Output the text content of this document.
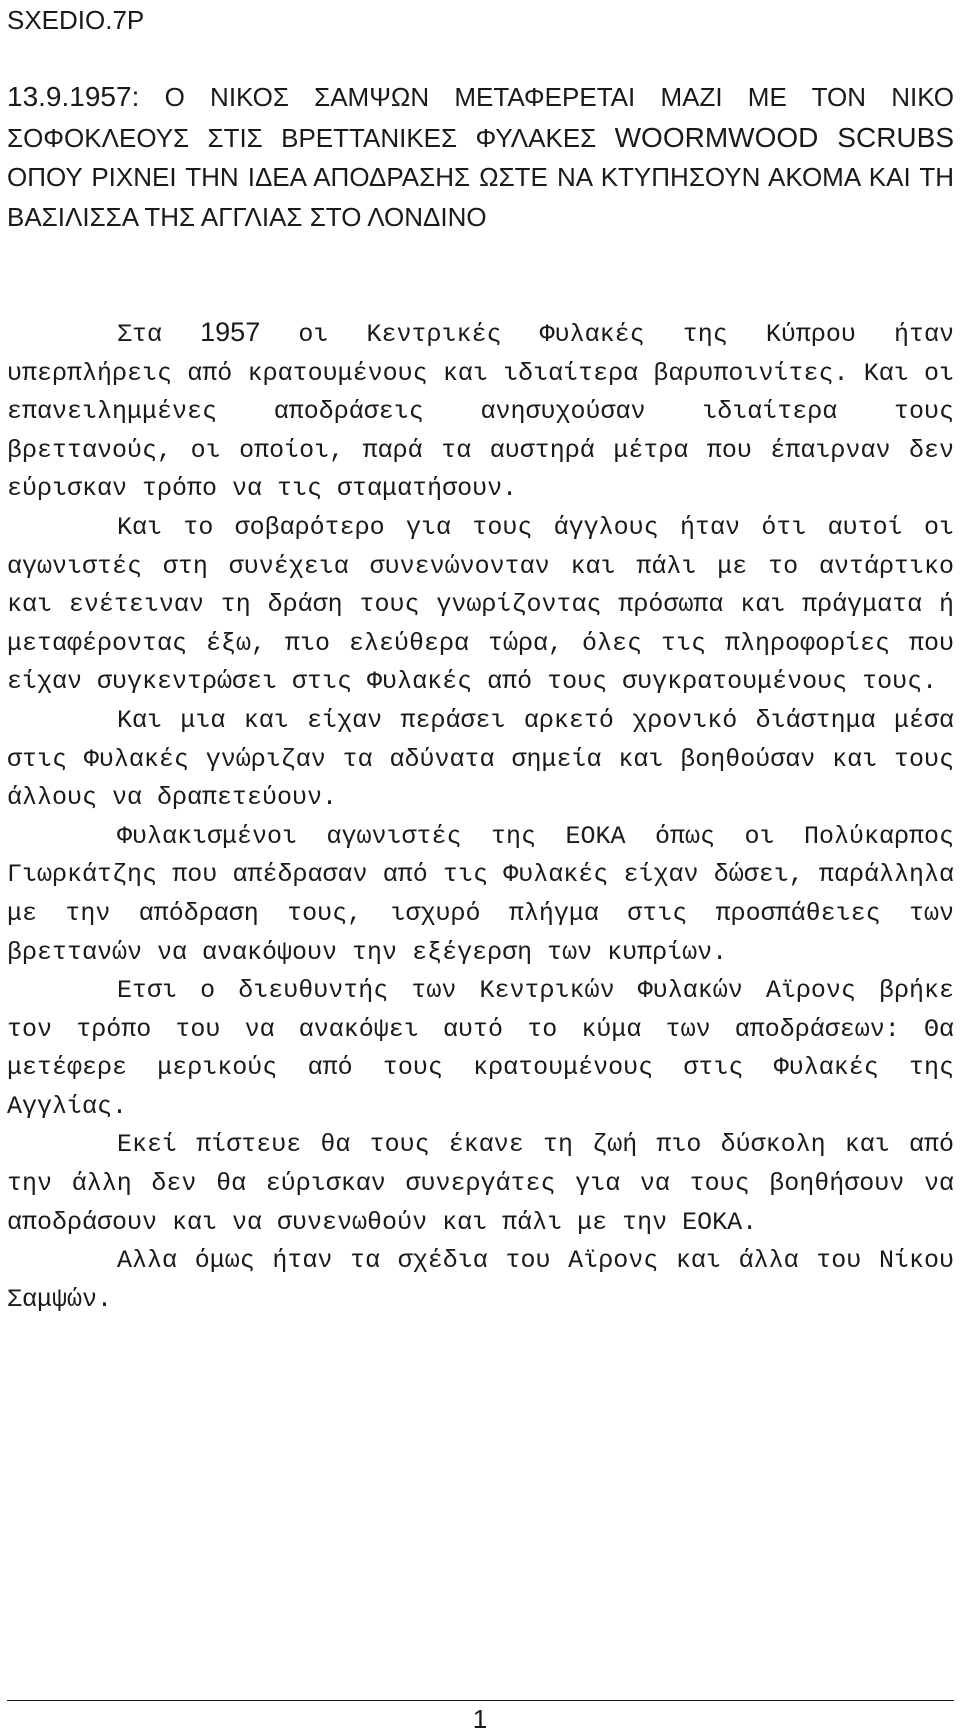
SXEDIO.7P

13.9.1957: Ο ΝΙΚΟΣ ΣΑΜΨΩΝ ΜΕΤΑΦΕΡΕΤΑΙ ΜΑΖΙ ΜΕ ΤΟΝ ΝΙΚΟ ΣΟΦΟΚΛΕΟΥΣ ΣΤΙΣ ΒΡΕΤΤΑΝΙΚΕΣ ΦΥΛΑΚΕΣ WOORMWOOD SCRUBS ΟΠΟΥ ΡΙΧΝΕΙ ΤΗΝ ΙΔΕΑ ΑΠΟΔΡΑΣΗΣ ΩΣΤΕ ΝΑ ΚΤΥΠΗΣΟΥΝ ΑΚΟΜΑ ΚΑΙ ΤΗ ΒΑΣΙΛΙΣΣΑ ΤΗΣ ΑΓΓΛΙΑΣ ΣΤΟ ΛΟΝΔΙΝΟ

Στα 1957 οι Κεντρικές Φυλακές της Κύπρου ήταν υπερπλήρεις από κρατουμένους και ιδιαίτερα βαρυποινίτες. Και οι επανειλημμένες αποδράσεις ανησυχούσαν ιδιαίτερα τους βρεττανούς, οι οποίοι, παρά τα αυστηρά μέτρα που έπαιρναν δεν εύρισκαν τρόπο να τις σταματήσουν.

Και το σοβαρότερο για τους άγγλους ήταν ότι αυτοί οι αγωνιστές στη συνέχεια συνενώνονταν και πάλι με το αντάρτικο και ενέτειναν τη δράση τους γνωρίζοντας πρόσωπα και πράγματα ή μεταφέροντας έξω, πιο ελεύθερα τώρα, όλες τις πληροφορίες που είχαν συγκεντρώσει στις Φυλακές από τους συγκρατουμένους τους.

Και μια και είχαν περάσει αρκετό χρονικό διάστημα μέσα στις Φυλακές γνώριζαν τα αδύνατα σημεία και βοηθούσαν και τους άλλους να δραπετεύουν.

Φυλακισμένοι αγωνιστές της ΕΟΚΑ όπως οι Πολύκαρπος Γιωρκάτζης που απέδρασαν από τις Φυλακές είχαν δώσει, παράλληλα με την απόδραση τους, ισχυρό πλήγμα στις προσπάθειες των βρεττανών να ανακόψουν την εξέγερση των κυπρίων.

Ετσι ο διευθυντής των Κεντρικών Φυλακών Αϊρονς βρήκε τον τρόπο του να ανακόψει αυτό το κύμα των αποδράσεων: Θα μετέφερε μερικούς από τους κρατουμένους στις Φυλακές της Αγγλίας.

Εκεί πίστευε θα τους έκανε τη ζωή πιο δύσκολη και από την άλλη δεν θα εύρισκαν συνεργάτες για να τους βοηθήσουν να αποδράσουν και να συνενωθούν και πάλι με την ΕΟΚΑ.

Αλλα όμως ήταν τα σχέδια του Αϊρονς και άλλα του Νίκου Σαμψών.

1
